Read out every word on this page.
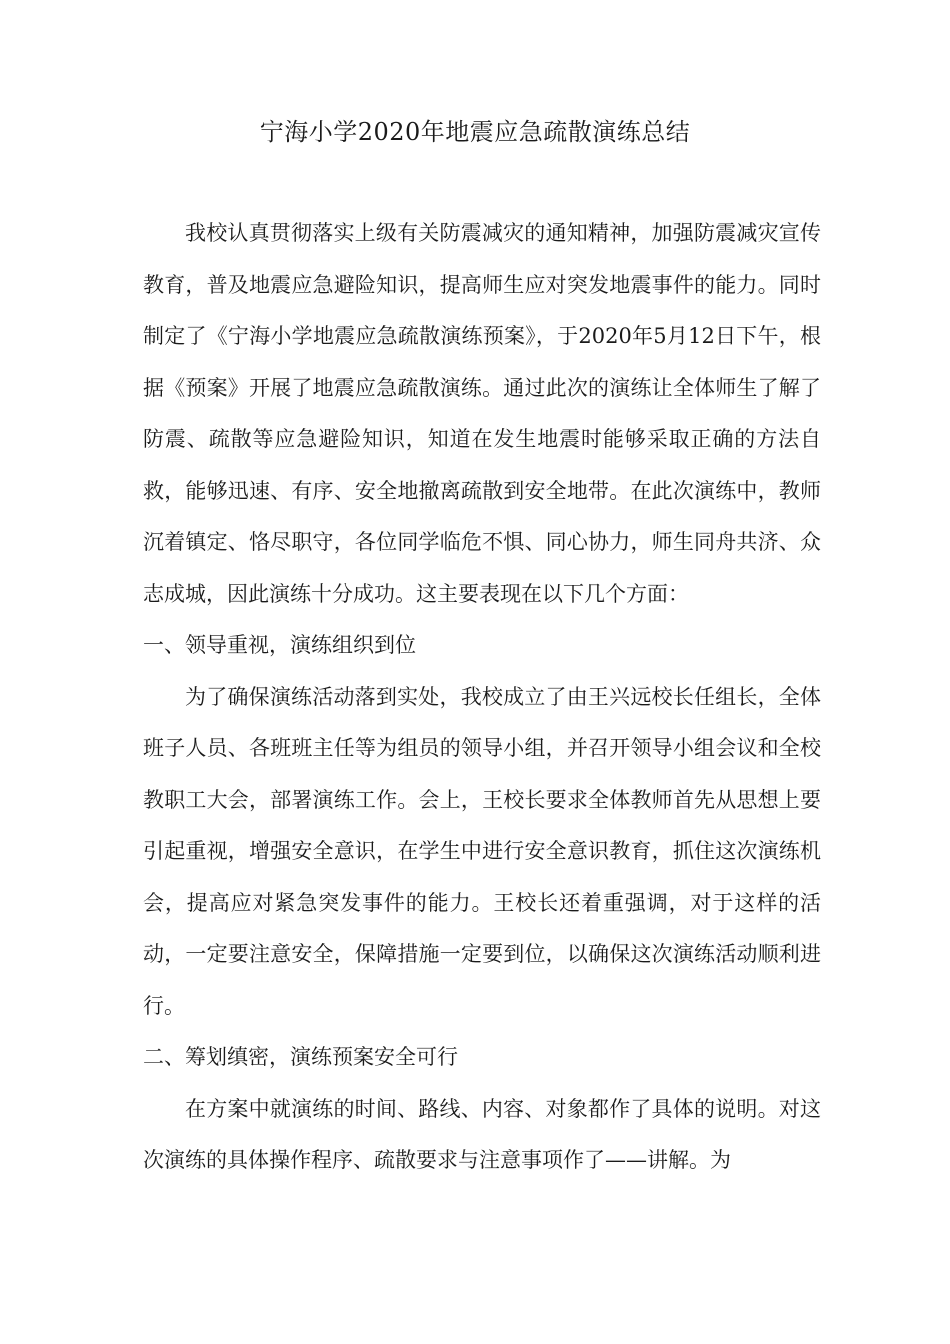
宁海小学2020年地震应急疏散演练总结

我校认真贯彻落实上级有关防震减灾的通知精神，加强防震减灾宣传教育，普及地震应急避险知识，提高师生应对突发地震事件的能力。同时制定了《宁海小学地震应急疏散演练预案》，于2020年5月12日下午，根据《预案》开展了地震应急疏散演练。通过此次的演练让全体师生了解了防震、疏散等应急避险知识，知道在发生地震时能够采取正确的方法自救，能够迅速、有序、安全地撤离疏散到安全地带。在此次演练中，教师沉着镇定、恪尽职守，各位同学临危不惧、同心协力，师生同舟共济、众志成城，因此演练十分成功。这主要表现在以下几个方面：

一、领导重视，演练组织到位

为了确保演练活动落到实处，我校成立了由王兴远校长任组长，全体班子人员、各班班主任等为组员的领导小组，并召开领导小组会议和全校教职工大会，部署演练工作。会上，王校长要求全体教师首先从思想上要引起重视，增强安全意识，在学生中进行安全意识教育，抓住这次演练机会，提高应对紧急突发事件的能力。王校长还着重强调，对于这样的活动，一定要注意安全，保障措施一定要到位，以确保这次演练活动顺利进行。

二、筹划缜密，演练预案安全可行

在方案中就演练的时间、路线、内容、对象都作了具体的说明。对这次演练的具体操作程序、疏散要求与注意事项作了——讲解。为
